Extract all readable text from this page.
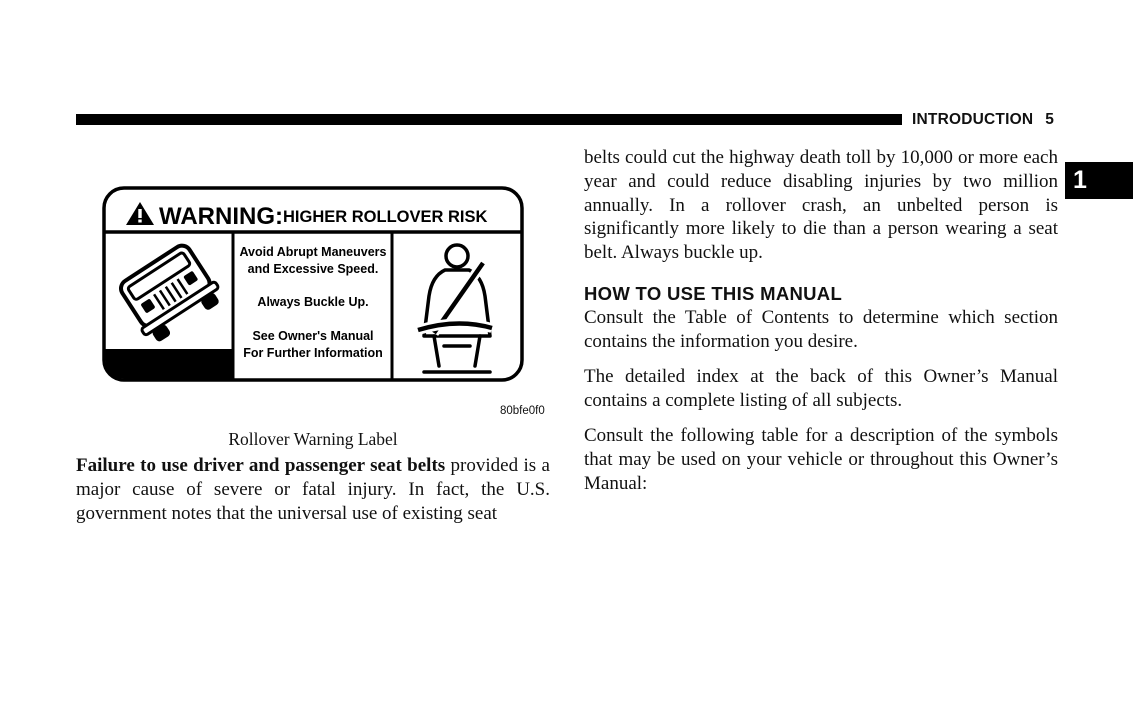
INTRODUCTION 5
1
WARNING: HIGHER ROLLOVER RISK
Avoid Abrupt Maneuvers
and Excessive Speed.
Always Buckle Up.
See Owner's Manual
For Further Information
80bfe0f0
Rollover Warning Label

Failure to use driver and passenger seat belts provided is a major cause of severe or fatal injury. In fact, the U.S. government notes that the universal use of existing seat

belts could cut the highway death toll by 10,000 or more each year and could reduce disabling injuries by two million annually. In a rollover crash, an unbelted person is significantly more likely to die than a person wearing a seat belt. Always buckle up.

HOW TO USE THIS MANUAL

Consult the Table of Contents to determine which section contains the information you desire.

The detailed index at the back of this Owner’s Manual contains a complete listing of all subjects.

Consult the following table for a description of the symbols that may be used on your vehicle or throughout this Owner’s Manual:
